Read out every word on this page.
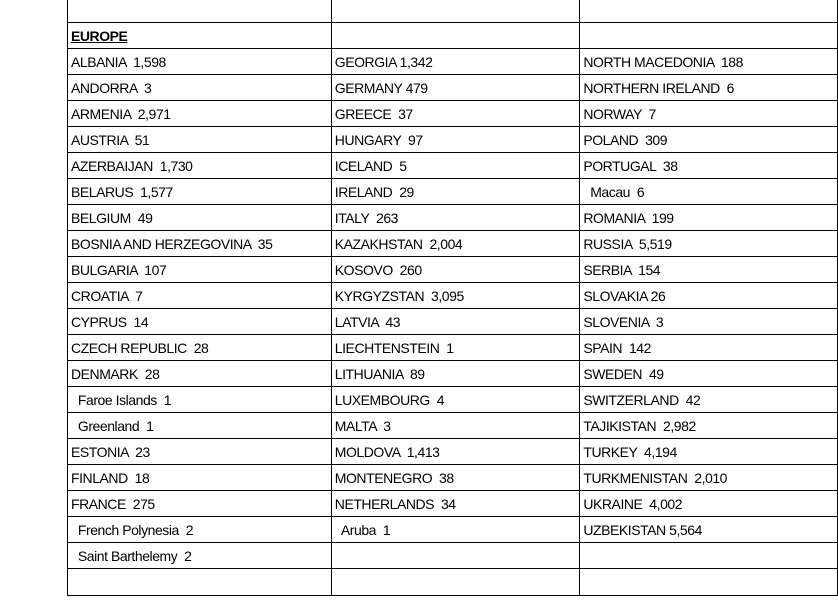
EUROPE		
ALBANIA  1,598	GEORGIA 1,342	NORTH MACEDONIA  188
ANDORRA  3	GERMANY 479	NORTHERN IRELAND  6
ARMENIA  2,971	GREECE  37	NORWAY  7
AUSTRIA  51	HUNGARY  97	POLAND  309
AZERBAIJAN  1,730	ICELAND  5	PORTUGAL  38
BELARUS  1,577	IRELAND  29	Macau  6
BELGIUM  49	ITALY  263	ROMANIA  199
BOSNIA AND HERZEGOVINA  35	KAZAKHSTAN  2,004	RUSSIA  5,519
BULGARIA  107	KOSOVO  260	SERBIA  154
CROATIA  7	KYRGYZSTAN  3,095	SLOVAKIA 26
CYPRUS  14	LATVIA  43	SLOVENIA  3
CZECH REPUBLIC  28	LIECHTENSTEIN  1	SPAIN  142
DENMARK  28	LITHUANIA  89	SWEDEN  49
Faroe Islands  1	LUXEMBOURG  4	SWITZERLAND  42
Greenland  1	MALTA  3	TAJIKISTAN  2,982
ESTONIA  23	MOLDOVA  1,413	TURKEY  4,194
FINLAND  18	MONTENEGRO  38	TURKMENISTAN  2,010
FRANCE  275	NETHERLANDS  34	UKRAINE  4,002
French Polynesia  2	Aruba  1	UZBEKISTAN 5,564
Saint Barthelemy  2		
